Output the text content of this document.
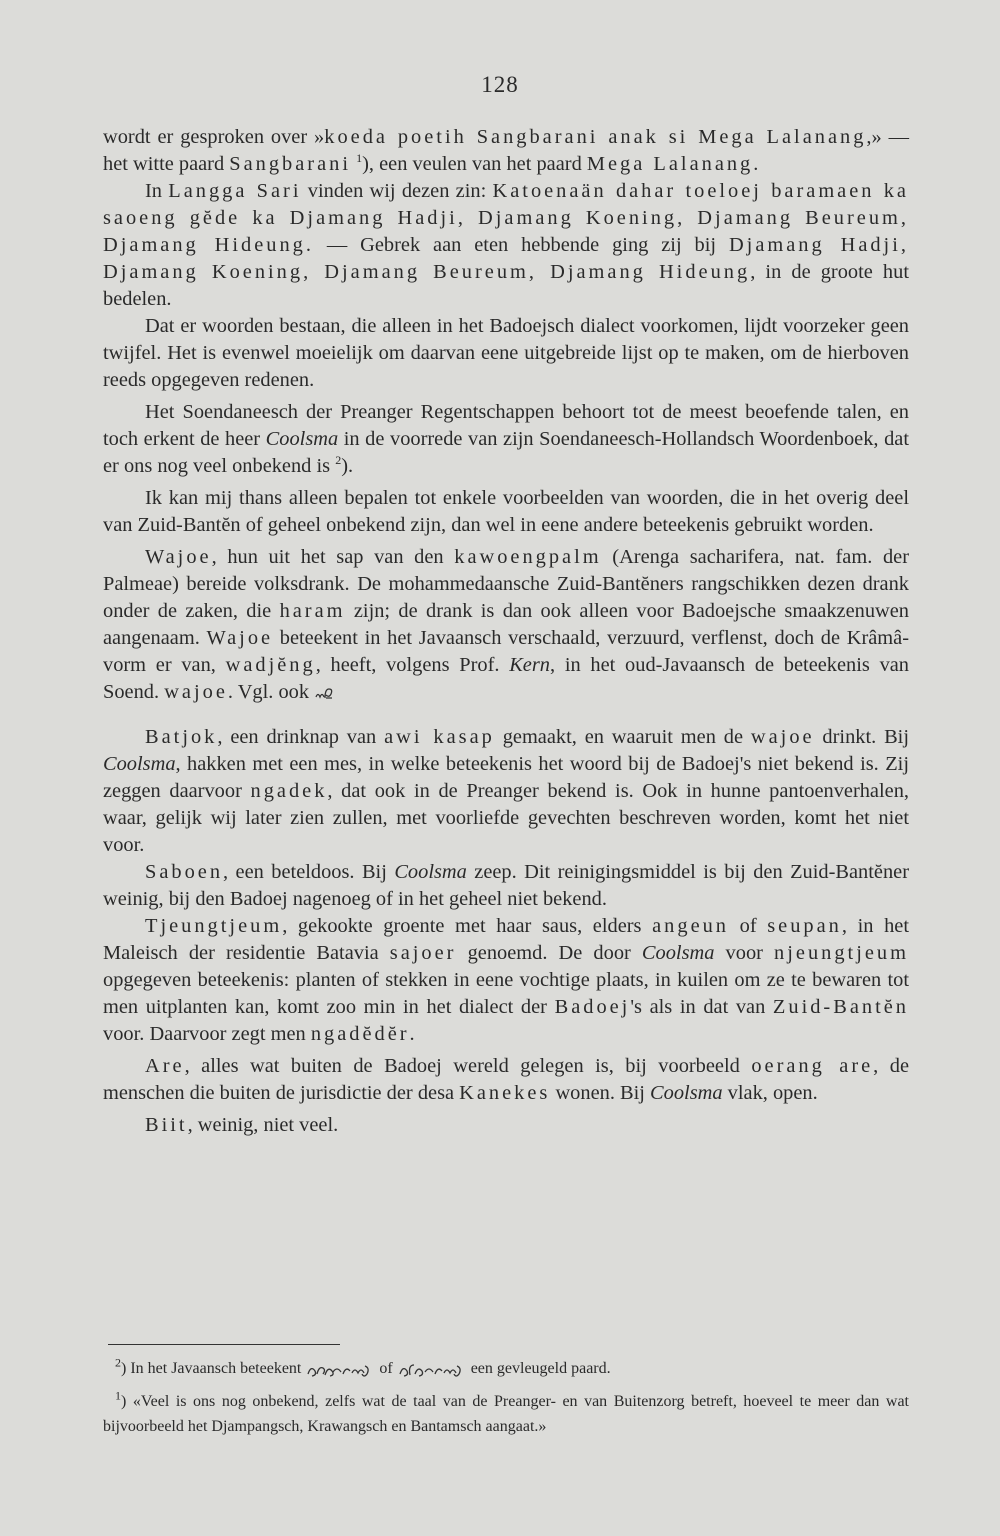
128

wordt er gesproken over »koeda poetih Sangbarani anak si Mega Lalanang,» — het witte paard Sangbarani $^1$), een veulen van het paard Mega Lalanang.

In Langga Sari vinden wij dezen zin: Katoenaän dahar toeloej baramaen ka saoeng gĕde ka Djamang Hadji, Djamang Koening, Djamang Beureum, Djamang Hideung. — Gebrek aan eten hebbende ging zij bij Djamang Hadji, Djamang Koening, Djamang Beureum, Djamang Hideung, in de groote hut bedelen.

Dat er woorden bestaan, die alleen in het Badoejsch dialect voorkomen, lijdt voorzeker geen twijfel. Het is evenwel moeielijk om daarvan eene uitgebreide lijst op te maken, om de hierboven reeds opgegeven redenen.

Het Soendaneesch der Preanger Regentschappen behoort tot de meest beoefende talen, en toch erkent de heer Coolsma in de voorrede van zijn Soendaneesch-Hollandsch Woordenboek, dat er ons nog veel onbekend is $^2$).

Ik kan mij thans alleen bepalen tot enkele voorbeelden van woorden, die in het overig deel van Zuid-Bantĕn of geheel onbekend zijn, dan wel in eene andere beteekenis gebruikt worden.

Wajoe, hun uit het sap van den kawoengpalm (Arenga sacharifera, nat. fam. der Palmeae) bereide volksdrank. De mohammedaansche Zuid-Bantĕners rangschikken dezen drank onder de zaken, die haram zijn; de drank is dan ook alleen voor Badoejsche smaakzenuwen aangenaam. Wajoe beteekent in het Javaansch verschaald, verzuurd, verflenst, doch de Krâmâ-vorm er van, wadjĕng, heeft, volgens Prof. Kern, in het oud-Javaansch de beteekenis van Soend. wajoe. Vgl. ook

Batjok, een drinknap van awi kasap gemaakt, en waaruit men de wajoe drinkt. Bij Coolsma, hakken met een mes, in welke beteekenis het woord bij de Badoej's niet bekend is. Zij zeggen daarvoor ngadek, dat ook in de Preanger bekend is. Ook in hunne pantoenverhalen, waar, gelijk wij later zien zullen, met voorliefde gevechten beschreven worden, komt het niet voor.

Saboen, een beteldoos. Bij Coolsma zeep. Dit reinigingsmiddel is bij den Zuid-Bantĕner weinig, bij den Badoej nagenoeg of in het geheel niet bekend.

Tjeungtjeum, gekookte groente met haar saus, elders angeun of seupan, in het Maleisch der residentie Batavia sajoer genoemd. De door Coolsma voor njeungtjeum opgegeven beteekenis: planten of stekken in eene vochtige plaats, in kuilen om ze te bewaren tot men uitplanten kan, komt zoo min in het dialect der Badoej's als in dat van Zuid-Bantĕn voor. Daarvoor zegt men ngadĕdĕr.

Are, alles wat buiten de Badoej wereld gelegen is, bij voorbeeld oerang are, de menschen die buiten de jurisdictie der desa Kanekes wonen. Bij Coolsma vlak, open.

Biit, weinig, niet veel.

$^2$) In het Javaansch beteekent	of	een gevleugeld paard.
$^1$) «Veel is ons nog onbekend, zelfs wat de taal van de Preanger- en van Buitenzorg betreft, hoeveel te meer dan wat bijvoorbeeld het Djampangsch, Krawangsch en Bantamsch aangaat.»
